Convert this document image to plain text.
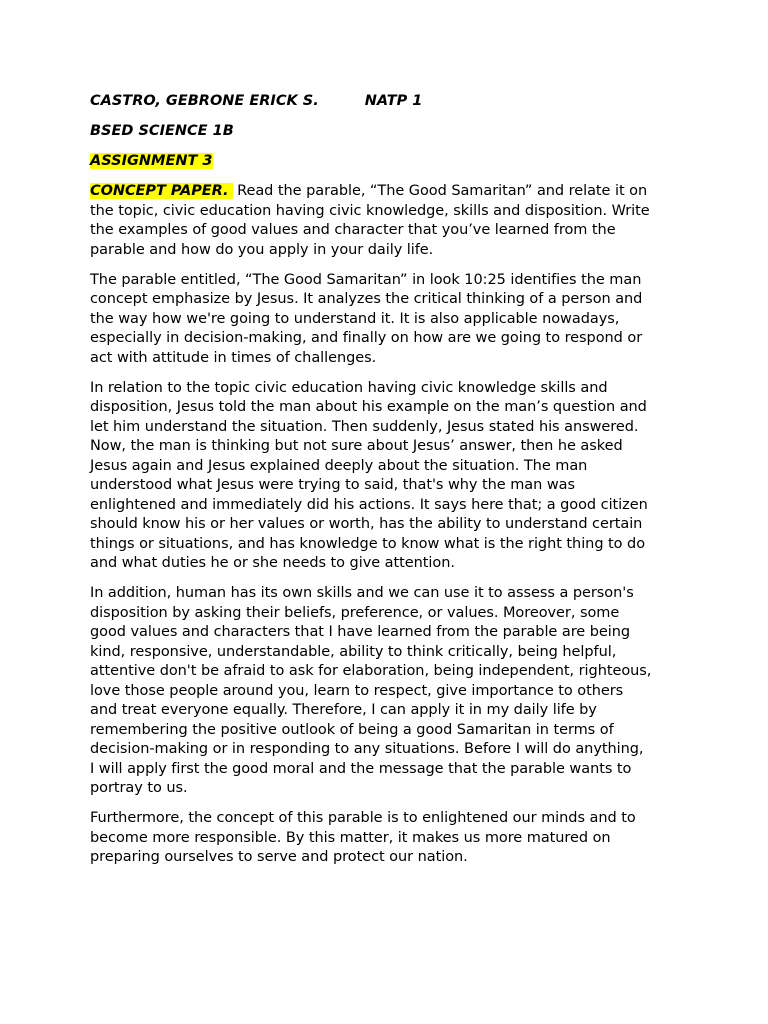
CASTRO, GEBRONE ERICK S.	NATP 1

BSED SCIENCE 1B

ASSIGNMENT 3

CONCEPT PAPER. Read the parable, “The Good Samaritan” and relate it on
the topic, civic education having civic knowledge, skills and disposition. Write
the examples of good values and character that you’ve learned from the
parable and how do you apply in your daily life.

The parable entitled, “The Good Samaritan” in look 10:25 identifies the man
concept emphasize by Jesus. It analyzes the critical thinking of a person and
the way how we're going to understand it. It is also applicable nowadays,
especially in decision-making, and finally on how are we going to respond or
act with attitude in times of challenges.

In relation to the topic civic education having civic knowledge skills and
disposition, Jesus told the man about his example on the man’s question and
let him understand the situation. Then suddenly, Jesus stated his answered.
Now, the man is thinking but not sure about Jesus’ answer, then he asked
Jesus again and Jesus explained deeply about the situation. The man
understood what Jesus were trying to said, that's why the man was
enlightened and immediately did his actions. It says here that; a good citizen
should know his or her values or worth, has the ability to understand certain
things or situations, and has knowledge to know what is the right thing to do
and what duties he or she needs to give attention.

In addition, human has its own skills and we can use it to assess a person's
disposition by asking their beliefs, preference, or values. Moreover, some
good values and characters that I have learned from the parable are being
kind, responsive, understandable, ability to think critically, being helpful,
attentive don't be afraid to ask for elaboration, being independent, righteous,
love those people around you, learn to respect, give importance to others
and treat everyone equally. Therefore, I can apply it in my daily life by
remembering the positive outlook of being a good Samaritan in terms of
decision-making or in responding to any situations. Before I will do anything,
I will apply first the good moral and the message that the parable wants to
portray to us.

Furthermore, the concept of this parable is to enlightened our minds and to
become more responsible. By this matter, it makes us more matured on
preparing ourselves to serve and protect our nation.
